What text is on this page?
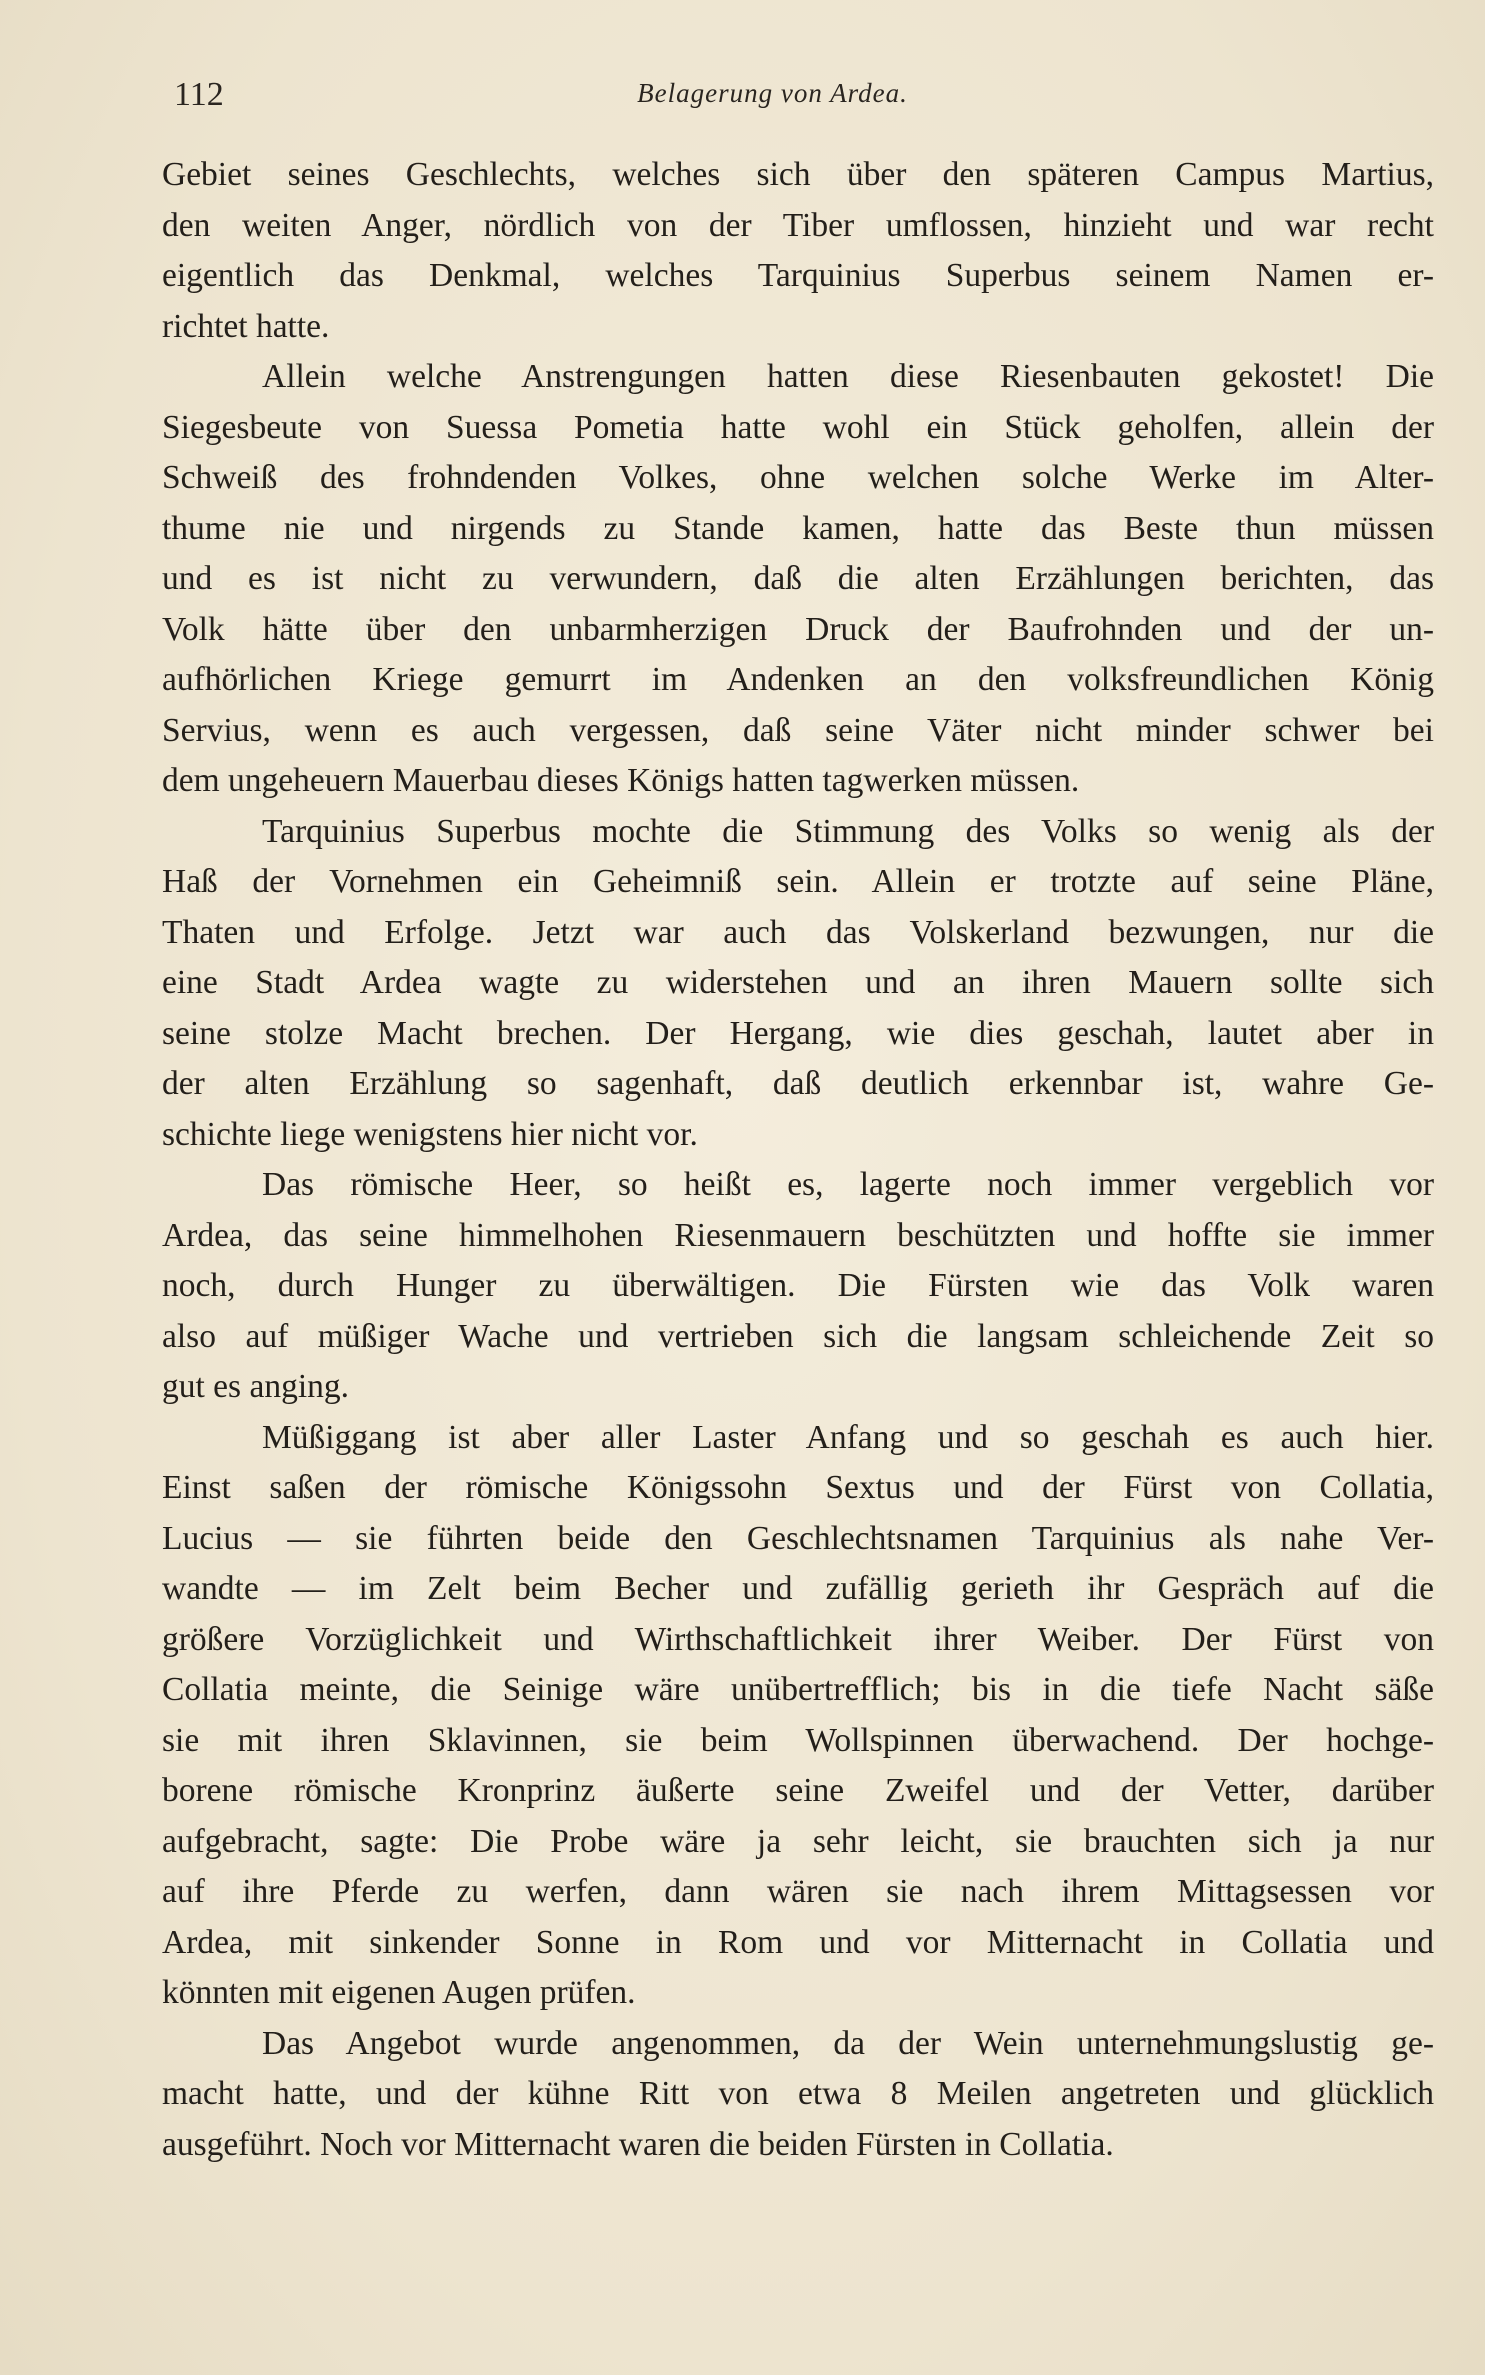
112	Belagerung von Ardea.
Gebiet seines Geschlechts, welches sich über den späteren Campus Martius,
den weiten Anger, nördlich von der Tiber umflossen, hinzieht und war recht
eigentlich das Denkmal, welches Tarquinius Superbus seinem Namen er-
richtet hatte.
Allein welche Anstrengungen hatten diese Riesenbauten gekostet! Die
Siegesbeute von Suessa Pometia hatte wohl ein Stück geholfen, allein der
Schweiß des frohndenden Volkes, ohne welchen solche Werke im Alter-
thume nie und nirgends zu Stande kamen, hatte das Beste thun müssen
und es ist nicht zu verwundern, daß die alten Erzählungen berichten, das
Volk hätte über den unbarmherzigen Druck der Baufrohnden und der un-
aufhörlichen Kriege gemurrt im Andenken an den volksfreundlichen König
Servius, wenn es auch vergessen, daß seine Väter nicht minder schwer bei
dem ungeheuern Mauerbau dieses Königs hatten tagwerken müssen.
Tarquinius Superbus mochte die Stimmung des Volks so wenig als der
Haß der Vornehmen ein Geheimniß sein. Allein er trotzte auf seine Pläne,
Thaten und Erfolge. Jetzt war auch das Volskerland bezwungen, nur die
eine Stadt Ardea wagte zu widerstehen und an ihren Mauern sollte sich
seine stolze Macht brechen. Der Hergang, wie dies geschah, lautet aber in
der alten Erzählung so sagenhaft, daß deutlich erkennbar ist, wahre Ge-
schichte liege wenigstens hier nicht vor.
Das römische Heer, so heißt es, lagerte noch immer vergeblich vor
Ardea, das seine himmelhohen Riesenmauern beschützten und hoffte sie immer
noch, durch Hunger zu überwältigen. Die Fürsten wie das Volk waren
also auf müßiger Wache und vertrieben sich die langsam schleichende Zeit so
gut es anging.
Müßiggang ist aber aller Laster Anfang und so geschah es auch hier.
Einst saßen der römische Königssohn Sextus und der Fürst von Collatia,
Lucius — sie führten beide den Geschlechtsnamen Tarquinius als nahe Ver-
wandte — im Zelt beim Becher und zufällig gerieth ihr Gespräch auf die
größere Vorzüglichkeit und Wirthschaftlichkeit ihrer Weiber. Der Fürst von
Collatia meinte, die Seinige wäre unübertrefflich; bis in die tiefe Nacht säße
sie mit ihren Sklavinnen, sie beim Wollspinnen überwachend. Der hochge-
borene römische Kronprinz äußerte seine Zweifel und der Vetter, darüber
aufgebracht, sagte: Die Probe wäre ja sehr leicht, sie brauchten sich ja nur
auf ihre Pferde zu werfen, dann wären sie nach ihrem Mittagsessen vor
Ardea, mit sinkender Sonne in Rom und vor Mitternacht in Collatia und
könnten mit eigenen Augen prüfen.
Das Angebot wurde angenommen, da der Wein unternehmungslustig ge-
macht hatte, und der kühne Ritt von etwa 8 Meilen angetreten und glücklich
ausgeführt. Noch vor Mitternacht waren die beiden Fürsten in Collatia.
